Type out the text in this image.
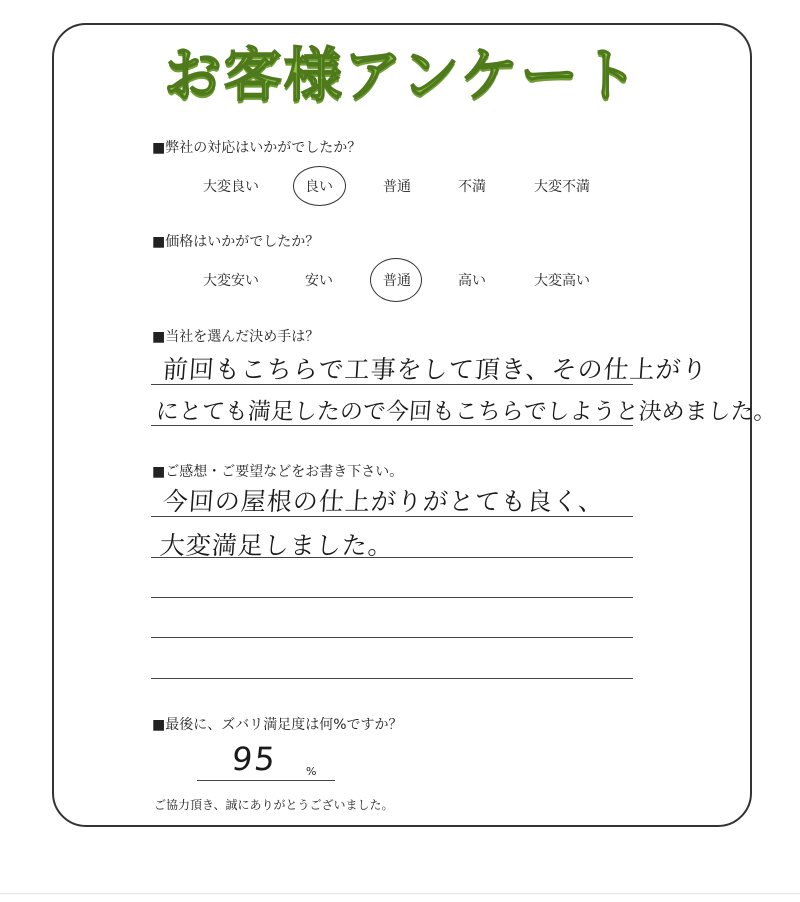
お客様アンケート
■弊社の対応はいかがでしたか？
大変良い	良い	普通	不満	大変不満
■価格はいかがでしたか？
大変安い	安い	普通	高い	大変高い
■当社を選んだ決め手は？
前回もこちらで工事をして頂き、その仕上がり
にとても満足したので今回もこちらでしようと決めました。
■ご感想・ご要望などをお書き下さい。
今回の屋根の仕上がりがとても良く、
大変満足しました。
■最後に、ズバリ満足度は何%ですか？
95 %
ご協力頂き、誠にありがとうございました。
